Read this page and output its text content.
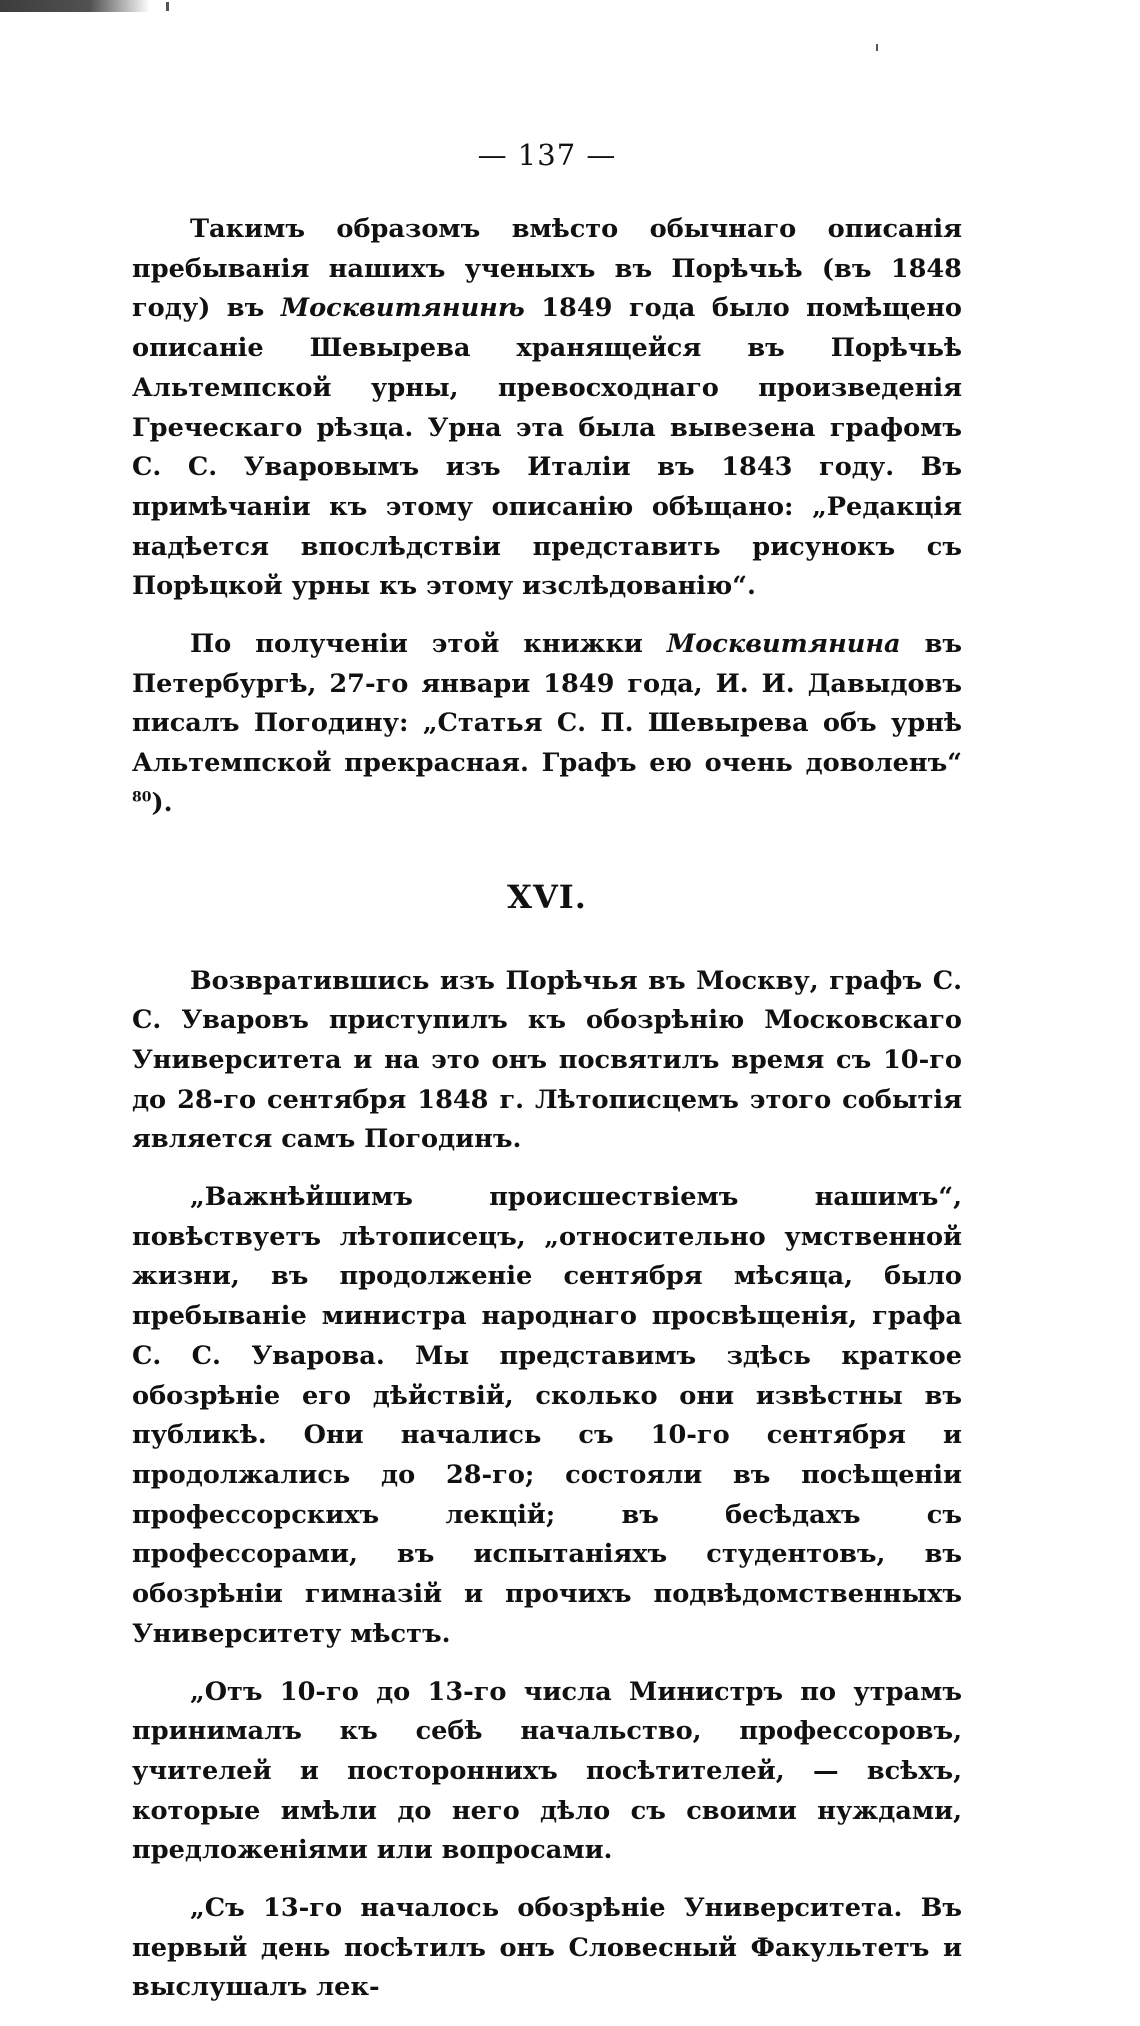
— 137 —

Такимъ образомъ вмѣсто обычнаго описанія пребыванія нашихъ ученыхъ въ Порѣчьѣ (въ 1848 году) въ Москвитянинѣ 1849 года было помѣщено описаніе Шевырева хранящейся въ Порѣчьѣ Альтемпской урны, превосходнаго произведенія Греческаго рѣзца. Урна эта была вывезена графомъ С. С. Уваровымъ изъ Италіи въ 1843 году. Въ примѣчаніи къ этому описанію обѣщано: „Редакція надѣется впослѣдствіи представить рисунокъ съ Порѣцкой урны къ этому изслѣдованію“.

По полученіи этой книжки Москвитянина въ Петербургѣ, 27-го январи 1849 года, И. И. Давыдовъ писалъ Погодину: „Статья С. П. Шевырева объ урнѣ Альтемпской прекрасная. Графъ ею очень доволенъ“ $^{80}$).

XVI.

Возвратившись изъ Порѣчья въ Москву, графъ С. С. Уваровъ приступилъ къ обозрѣнію Московскаго Университета и на это онъ посвятилъ время съ 10-го до 28-го сентября 1848 г. Лѣтописцемъ этого событія является самъ Погодинъ.

„Важнѣйшимъ происшествіемъ нашимъ“, повѣствуетъ лѣтописецъ, „относительно умственной жизни, въ продолженіе сентября мѣсяца, было пребываніе министра народнаго просвѣщенія, графа С. С. Уварова. Мы представимъ здѣсь краткое обозрѣніе его дѣйствій, сколько они извѣстны въ публикѣ. Они начались съ 10-го сентября и продолжались до 28-го; состояли въ посѣщеніи профессорскихъ лекцій; въ бесѣдахъ съ профессорами, въ испытаніяхъ студентовъ, въ обозрѣніи гимназій и прочихъ подвѣдомственныхъ Университету мѣстъ.

„Отъ 10-го до 13-го числа Министръ по утрамъ принималъ къ себѣ начальство, профессоровъ, учителей и постороннихъ посѣтителей, — всѣхъ, которые имѣли до него дѣло съ своими нуждами, предложеніями или вопросами.

„Съ 13-го началось обозрѣніе Университета. Въ первый день посѣтилъ онъ Словесный Факультетъ и выслушалъ лек-
